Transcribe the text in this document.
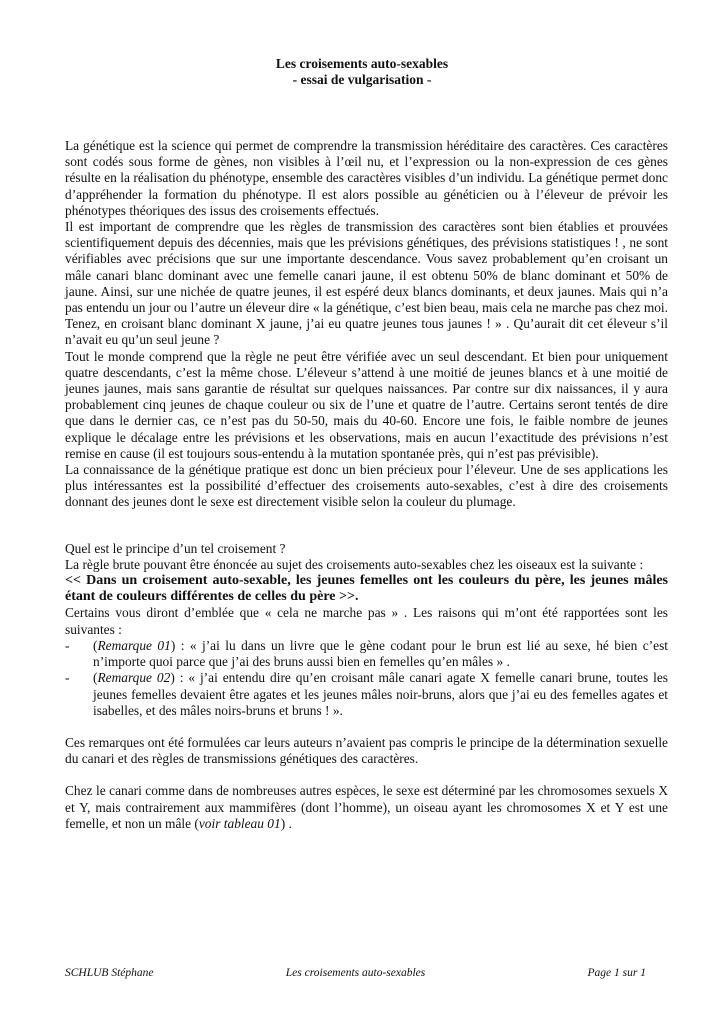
Les croisements auto-sexables
- essai de vulgarisation -

La génétique est la science qui permet de comprendre la transmission héréditaire des caractères. Ces caractères sont codés sous forme de gènes, non visibles à l’œil nu, et l’expression ou la non-expression de ces gènes résulte en la réalisation du phénotype, ensemble des caractères visibles d’un individu. La génétique permet donc d’appréhender la formation du phénotype. Il est alors possible au généticien ou à l’éleveur de prévoir les phénotypes théoriques des issus des croisements effectués.

Il est important de comprendre que les règles de transmission des caractères sont bien établies et prouvées scientifiquement depuis des décennies, mais que les prévisions génétiques, des prévisions statistiques ! , ne sont vérifiables avec précisions que sur une importante descendance. Vous savez probablement qu’en croisant un mâle canari blanc dominant avec une femelle canari jaune, il est obtenu 50% de blanc dominant et 50% de jaune. Ainsi, sur une nichée de quatre jeunes, il est espéré deux blancs dominants, et deux jaunes. Mais qui n’a pas entendu un jour ou l’autre un éleveur dire « la génétique, c’est bien beau, mais cela ne marche pas chez moi. Tenez, en croisant blanc dominant X jaune, j’ai eu quatre jeunes tous jaunes ! » . Qu’aurait dit cet éleveur s’il n’avait eu qu’un seul jeune ?

Tout le monde comprend que la règle ne peut être vérifiée avec un seul descendant. Et bien pour uniquement quatre descendants, c’est la même chose. L’éleveur s’attend à une moitié de jeunes blancs et à une moitié de jeunes jaunes, mais sans garantie de résultat sur quelques naissances. Par contre sur dix naissances, il y aura probablement cinq jeunes de chaque couleur ou six de l’une et quatre de l’autre. Certains seront tentés de dire que dans le dernier cas, ce n’est pas du 50-50, mais du 40-60. Encore une fois, le faible nombre de jeunes explique le décalage entre les prévisions et les observations, mais en aucun l’exactitude des prévisions n’est remise en cause (il est toujours sous-entendu à la mutation spontanée près, qui n’est pas prévisible).

La connaissance de la génétique pratique est donc un bien précieux pour l’éleveur. Une de ses applications les plus intéressantes est la possibilité d’effectuer des croisements auto-sexables, c’est à dire des croisements donnant des jeunes dont le sexe est directement visible selon la couleur du plumage.

Quel est le principe d’un tel croisement ?

La règle brute pouvant être énoncée au sujet des croisements auto-sexables chez les oiseaux est la suivante :

<< Dans un croisement auto-sexable, les jeunes femelles ont les couleurs du père, les jeunes mâles étant de couleurs différentes de celles du père >>.

Certains vous diront d’emblée que « cela ne marche pas » . Les raisons qui m’ont été rapportées sont les suivantes :

- (Remarque 01) : « j’ai lu dans un livre que le gène codant pour le brun est lié au sexe, hé bien c’est n’importe quoi parce que j’ai des bruns aussi bien en femelles qu’en mâles » .
- (Remarque 02) : « j’ai entendu dire qu’en croisant mâle canari agate X femelle canari brune, toutes les jeunes femelles devaient être agates et les jeunes mâles noir-bruns, alors que j’ai eu des femelles agates et isabelles, et des mâles noirs-bruns et bruns ! ».

Ces remarques ont été formulées car leurs auteurs n’avaient pas compris le principe de la détermination sexuelle du canari et des règles de transmissions génétiques des caractères.

Chez le canari comme dans de nombreuses autres espèces, le sexe est déterminé par les chromosomes sexuels X et Y, mais contrairement aux mammifères (dont l’homme), un oiseau ayant les chromosomes X et Y est une femelle, et non un mâle (voir tableau 01) .

SCHLUB Stéphane	Les croisements auto-sexables	Page 1 sur 1
